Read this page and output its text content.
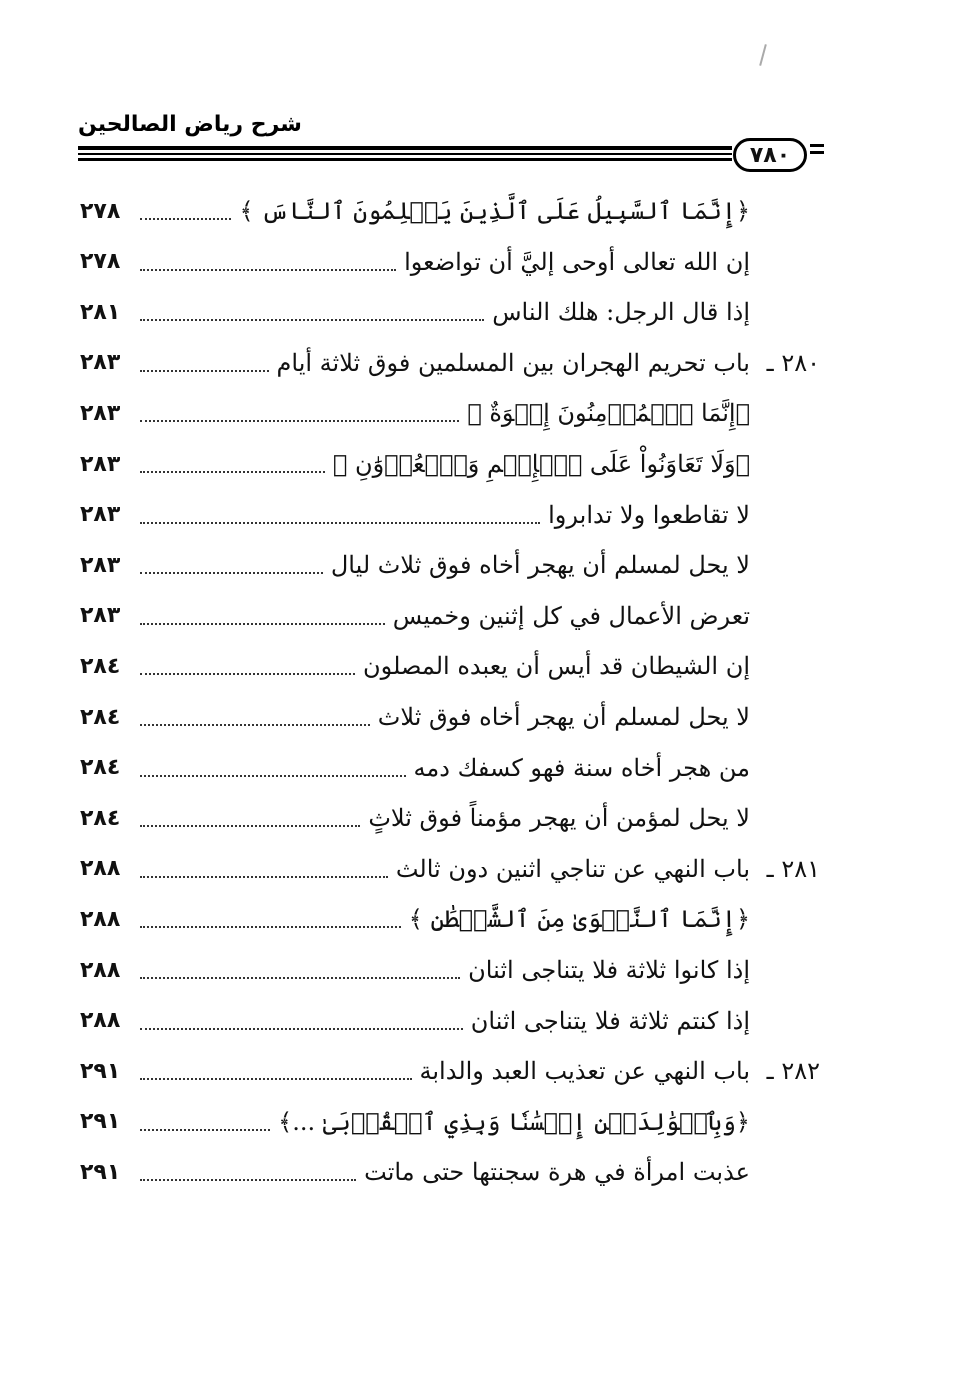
شرح رياض الصالحين
٧٨٠
﴿إِنَّمَا ٱلسَّبِيلُ عَلَى ٱلَّذِينَ يَظۡلِمُونَ ٱلنَّاسَ ﴾
٢٧٨
إن الله تعالى أوحى إليَّ أن تواضعوا
٢٧٨
إذا قال الرجل: هلك الناس
٢٨١
٢٨٠ ـ
باب تحريم الهجران بين المسلمين فوق ثلاثة أيام
٢٨٣
﴿إِنَّمَا ٱلۡمُؤۡمِنُونَ إِخۡوَةٌ ﴾
٢٨٣
﴿وَلَا تَعَاوَنُواْ عَلَى ٱلۡإِثۡمِ وَٱلۡعُدۡوَٰنِ ﴾
٢٨٣
لا تقاطعوا ولا تدابروا
٢٨٣
لا يحل لمسلم أن يهجر أخاه فوق ثلاث ليال
٢٨٣
تعرض الأعمال في كل إثنين وخميس
٢٨٣
إن الشيطان قد أيس أن يعبده المصلون
٢٨٤
لا يحل لمسلم أن يهجر أخاه فوق ثلاث
٢٨٤
من هجر أخاه سنة فهو كسفك دمه
٢٨٤
لا يحل لمؤمن أن يهجر مؤمناً فوق ثلاثٍ
٢٨٤
٢٨١ ـ
باب النهي عن تناجي اثنين دون ثالث
٢٨٨
﴿إِنَّمَا ٱلنَّجۡوَىٰ مِنَ ٱلشَّيۡطَٰنِ ﴾
٢٨٨
إذا كانوا ثلاثة فلا يتناجى اثنان
٢٨٨
إذا كنتم ثلاثة فلا يتناجى اثنان
٢٨٨
٢٨٢ ـ
باب النهي عن تعذيب العبد والدابة
٢٩١
﴿وَبِٱلۡوَٰلِدَيۡنِ إِحۡسَٰنٗا وَبِذِي ٱلۡقُرۡبَىٰ ...﴾
٢٩١
عذبت امرأة في هرة سجنتها حتى ماتت
٢٩١
